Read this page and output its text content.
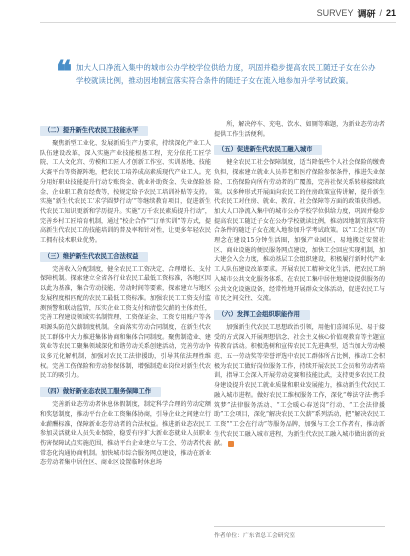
SURVEY 调研 / 21
❝ 加大人口净流入集中的城市公办学校学位供给力度，巩固并稳步提高农民工随迁子女在公办学校就读比例，推动因地制宜落实符合条件的随迁子女在流入地参加升学考试政策。
（二）提升新生代农民工技能水平

聚焦新型工业化、发展新质生产力要求，持续深化产业工人队伍建设改革，深入实施产业技能根基工程，充分依托工匠学院、工人文化宫、劳模和工匠人才创新工作室、实训基地、技能大赛平台等资源阵地，把农民工培养成高素质现代产业工人。充分用好职业技能提升行动专账资金、就业补助资金、失业保险基金、企业职工教育经费等，按规定给予农民工培训补贴等支持。实施“新生代农民工‘求学圆梦行动’”等继续教育项目，促进新生代农民工知识更新和学历提升。实施“万千农民素质提升行动”，完善乡村工匠培育机制，通过“校企合作”“订单实训”等方式，提高新生代农民工的技能培训的普及率和针对性，让更多年轻农民工拥有技术职业优势。

（三）维护新生代农民工合法权益

完善收入分配制度，健全农民工工资决定、合理增长、支付保障机制。探索建立全省各行业农民工最低工资标准，各地区因以此为基准，集合劳动技能、劳动时间等要素，探索建立与地区发展程度相匹配的农民工最低工资标准。加强农民工工资支付监测预警和联动监管，压实企业工资支付和清偿欠薪的主体责任，完善工程建设领域实名制管理、工资保证金、工资专用账户等各项源头防范欠薪制度机制。全面落实劳动合同制度，在新生代农民工群体中大力推进集体协商和集体合同制度。聚焦制造业、建筑业等农民工聚集领域深化和谐劳动关系创建活动，完善劳动争议多元化解机制，加强对农民工法律援助，引导其依法理性维权。完善工伤保险和劳动参保体制，增强制造业岗位对新生代农民工的吸引力。

（四）做好新业态农民工服务保障工作

完善新业态劳动者休息休假制度，制定科学合理的劳动定额和奖惩制度，推动平台企业工资集体协商，引导企业之间建立行业薪酬标准，保障新业态劳动者的合法权益。推进新业态农民工参加灵活就业人员失业保险，稳妥有序扩大新业态就业人员职业伤害保障试点实施范围，推动平台企业建立与工会、劳动者代表常态化沟通协商机制。加快城市综合服务网点建设，推动在新业态劳动者集中居住区、商业区设置临时休息场

所，解决停车、充电、饮水、如厕等难题，为新业态劳动者提供工作生活便利。

（五）促进新生代农民工融入城市

健全农民工社会保障制度，适当降低些个人社会保险的缴费负担，探索建立就业人员养老和医疗保险参保条件，推进失业保险、工伤保险向所有劳动者的广覆盖，完善社保关系转移接续政策。以多种形式开展面向农民工的住房政策宣传讲解，提升新生代农民工对住房、就业、教育、社会保障等方面的政策获得感。加大人口净流入集中的城市公办学校学位供给力度，巩固并稳步提高农民工随迁子女在公办学校就读比例，推动因地制宜落实符合条件的随迁子女在流入地参加升学考试政策。以“工会社区”的理念在建设15分钟生活圈，加强产业园区、易地搬迁安置社区、商业设施的便民服务网点建设，加快工会回应实现机制，加大建会入会力度，推动基层工会组织建设，积极履行新时代产业工人队伍建设改革要求。开展农民工精神文化生活，把农民工纳入城市公共文化服务体系，在农民工集中居住地建设提供服务的公共文化设施设备，经常性地开展群众文体活动，促进农民工与市民之间交往、交流。

（六）发挥工会组织职能作用

加强新生代农民工思想政治引领，用他们喜闻乐见、易于接受的方式深入开展理想信念、社会主义核心价值观教育等主题宣传教育活动。积极选树和宣传农民工先进典型，适当加大劳动模范、五一劳动奖等荣誉评选中农民工群体所占比例，推动工会积极为农民工做好岗位服务工作，持续开展农民工会员和劳动者培训，指导工会深入开展劳动竞赛和技能比武，支持更多农民工投身建设提升农民工就业质量和职业发展能力，推动新生代农民工融入城市进程。做好农民工维权服务工作，深化“尊法守法·携手筑梦”法律服务活动、“工会暖心春送岗”行动、“工会法律援助”工会项目，深化“解决农民工欠薪”系列活动，把“解决农民工工资”“工会在行动”等服务品牌，加强与工会工作者有，推动新生代农民工融入城市进程，为新生代农民工融入城市做出新的贡献。

作者单位：广东省总工会研究室
